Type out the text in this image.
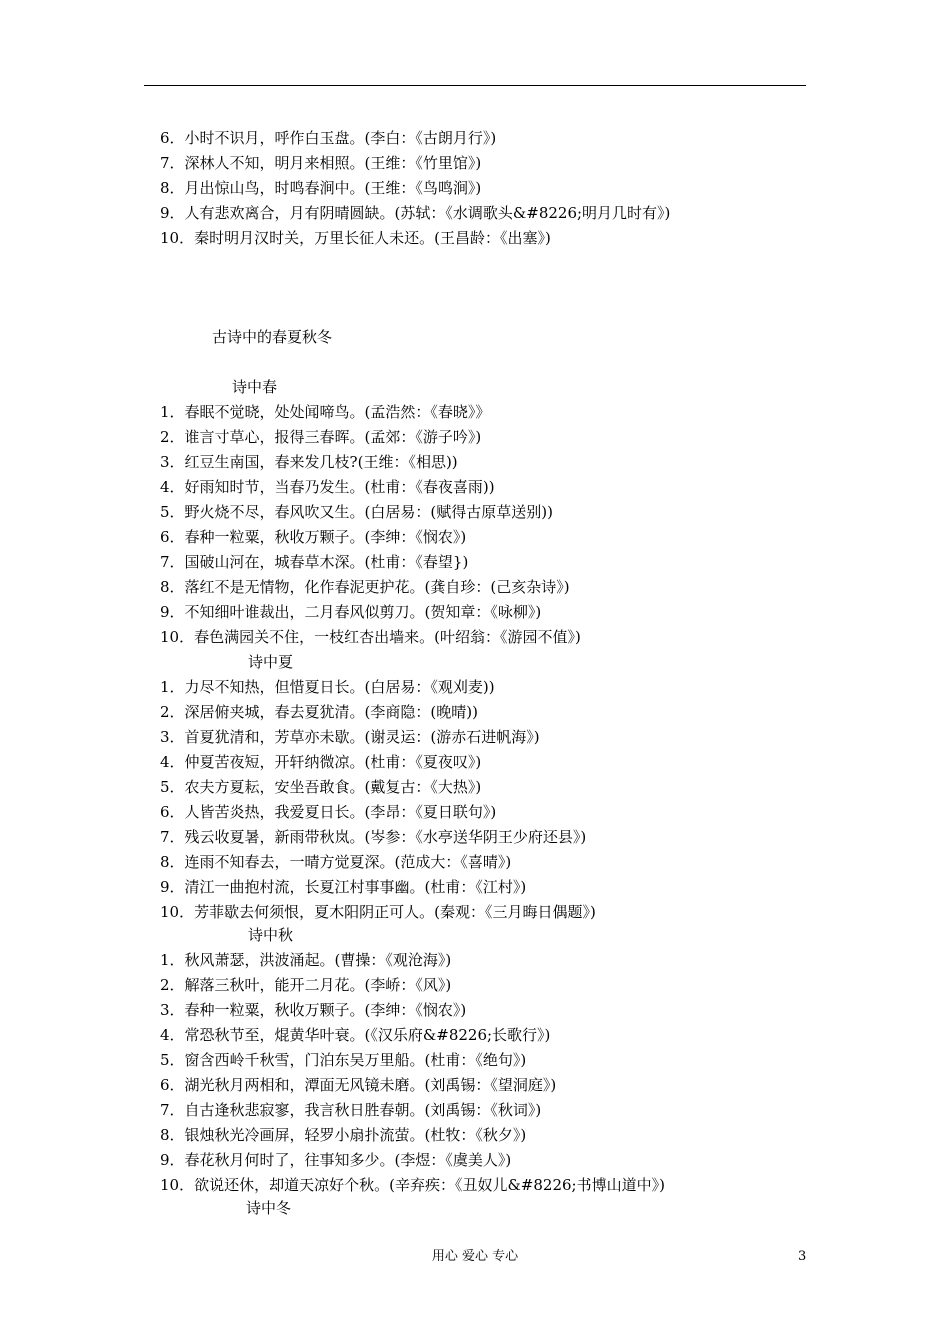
6．小时不识月，呼作白玉盘。(李白：《古朗月行》)
7．深林人不知，明月来相照。(王维：《竹里馆》)
8．月出惊山鸟，时鸣春涧中。(王维：《鸟鸣涧》)
9．人有悲欢离合，月有阴晴圆缺。(苏轼：《水调歌头&#8226;明月几时有》)
10．秦时明月汉时关，万里长征人未还。(王昌龄：《出塞》)
古诗中的春夏秋冬
诗中春
1．春眠不觉晓，处处闻啼鸟。(孟浩然：《春晓》》
2．谁言寸草心，报得三春晖。(孟郊：《游子吟》)
3．红豆生南国，春来发几枝?(王维：《相思))
4．好雨知时节，当春乃发生。(杜甫：《春夜喜雨))
5．野火烧不尽，春风吹又生。(白居易：(赋得古原草送别))
6．春种一粒粟，秋收万颗子。(李绅：《悯农》)
7．国破山河在，城春草木深。(杜甫：《春望})
8．落红不是无情物，化作春泥更护花。(龚自珍：(己亥杂诗》)
9．不知细叶谁裁出，二月春风似剪刀。(贺知章：《咏柳》)
10．春色满园关不住，一枝红杏出墙来。(叶绍翁：《游园不值》)
诗中夏
1．力尽不知热，但惜夏日长。(白居易：《观刈麦))
2．深居俯夹城，春去夏犹清。(李商隐：(晚晴))
3．首夏犹清和，芳草亦未歇。(谢灵运：(游赤石进帆海》)
4．仲夏苦夜短，开轩纳微凉。(杜甫：《夏夜叹》)
5．农夫方夏耘，安坐吾敢食。(戴复古：《大热》)
6．人皆苦炎热，我爱夏日长。(李昂：《夏日联句》)
7．残云收夏暑，新雨带秋岚。(岑参：《水亭送华阴王少府还县》)
8．连雨不知春去，一晴方觉夏深。(范成大：《喜晴》)
9．清江一曲抱村流，长夏江村事事幽。(杜甫：《江村》)
10．芳菲歇去何须恨，夏木阳阴正可人。(秦观：《三月晦日偶题》)
诗中秋
1．秋风萧瑟，洪波涌起。(曹操：《观沧海》)
2．解落三秋叶，能开二月花。(李峤：《风》)
3．春种一粒粟，秋收万颗子。(李绅：《悯农》)
4．常恐秋节至，焜黄华叶衰。(《汉乐府&#8226;长歌行》)
5．窗含西岭千秋雪，门泊东吴万里船。(杜甫：《绝句》)
6．湖光秋月两相和，潭面无风镜未磨。(刘禹锡：《望洞庭》)
7．自古逢秋悲寂寥，我言秋日胜春朝。(刘禹锡：《秋词》)
8．银烛秋光冷画屏，轻罗小扇扑流萤。(杜牧：《秋夕》)
9．春花秋月何时了，往事知多少。(李煜：《虞美人》)
10．欲说还休，却道天凉好个秋。(辛弃疾：《丑奴儿&#8226;书博山道中》)
诗中冬
用心 爱心 专心	3
